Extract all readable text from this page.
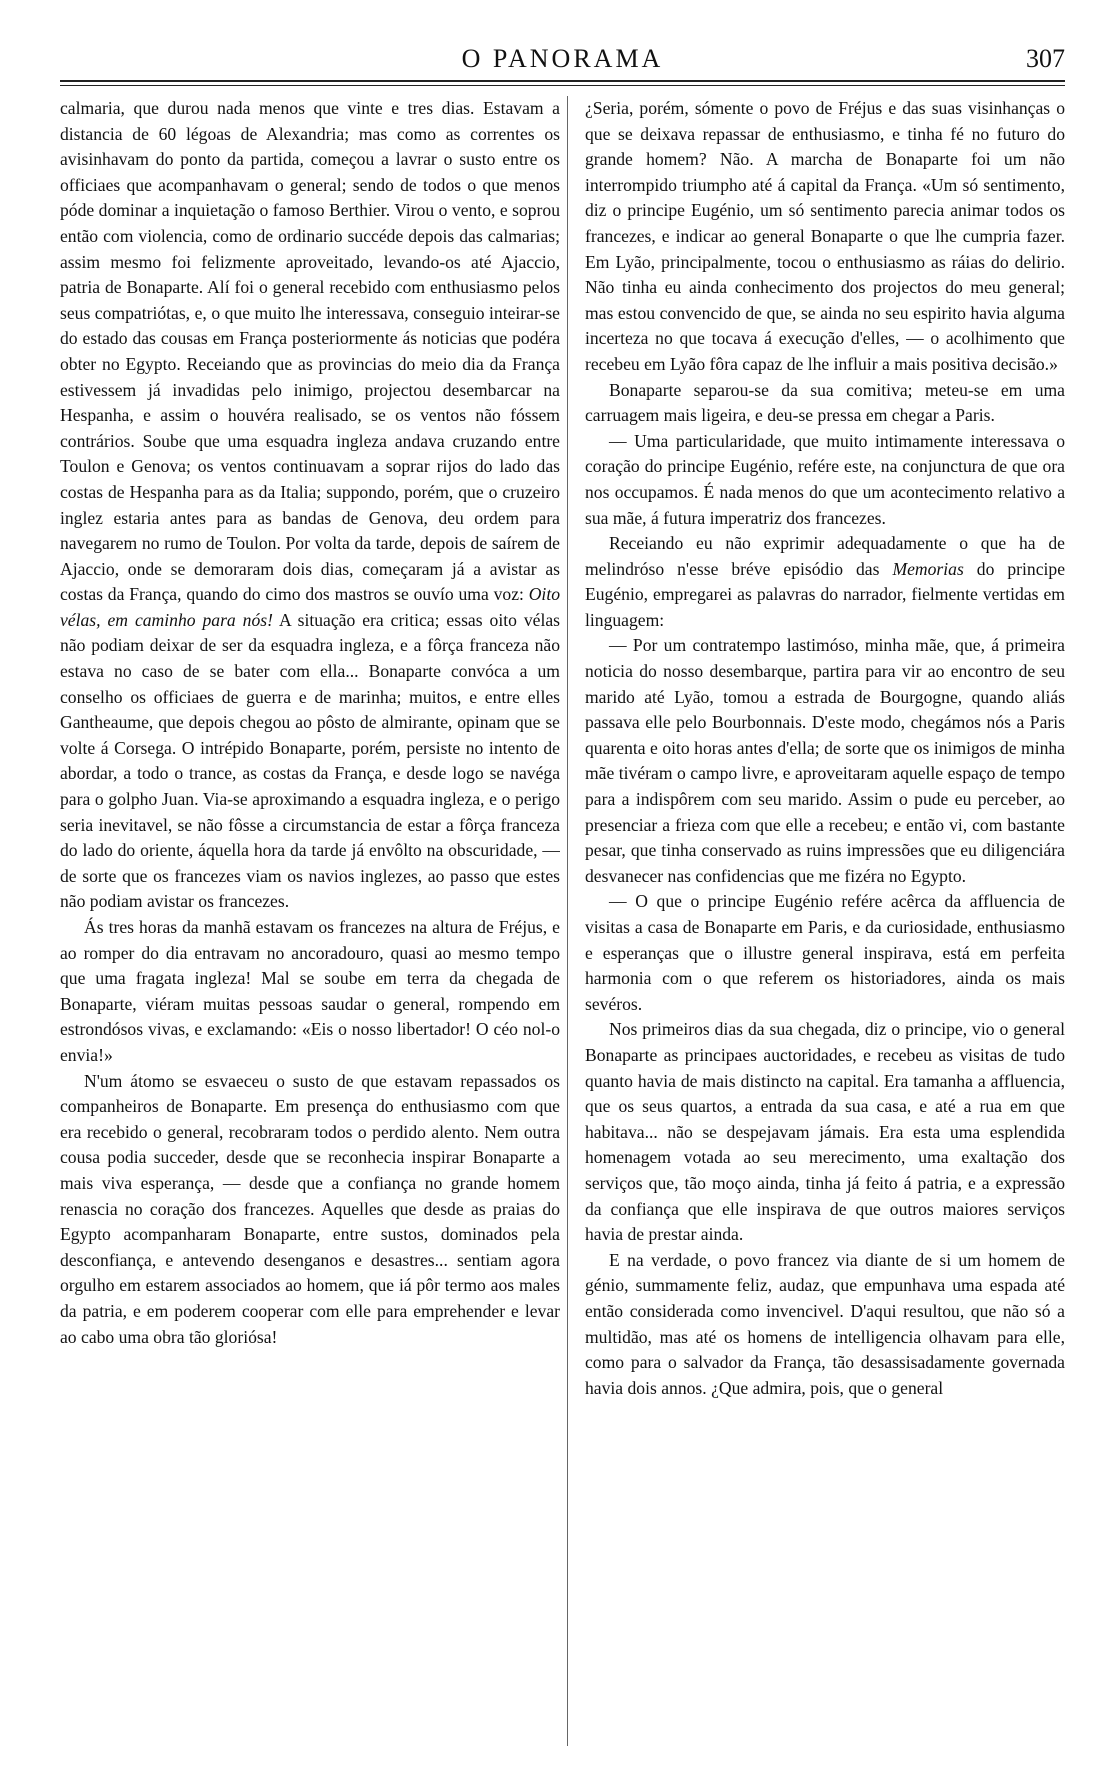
O PANORAMA	307

calmaria, que durou nada menos que vinte e tres dias. Estavam a distancia de 60 légoas de Alexandria; mas como as correntes os avisinhavam do ponto da partida, começou a lavrar o susto entre os officiaes que acompanhavam o general; sendo de todos o que menos póde dominar a inquietação o famoso Berthier. Virou o vento, e soprou então com violencia, como de ordinario succéde depois das calmarias; assim mesmo foi felizmente aproveitado, levando-os até Ajaccio, patria de Bonaparte. Alí foi o general recebido com enthusiasmo pelos seus compatriótas, e, o que muito lhe interessava, conseguio inteirar-se do estado das cousas em França posteriormente ás noticias que podéra obter no Egypto. Receiando que as provincias do meio dia da França estivessem já invadidas pelo inimigo, projectou desembarcar na Hespanha, e assim o houvéra realisado, se os ventos não fóssem contrários. Soube que uma esquadra ingleza andava cruzando entre Toulon e Genova; os ventos continuavam a soprar rijos do lado das costas de Hespanha para as da Italia; suppondo, porém, que o cruzeiro inglez estaria antes para as bandas de Genova, deu ordem para navegarem no rumo de Toulon. Por volta da tarde, depois de saírem de Ajaccio, onde se demoraram dois dias, começaram já a avistar as costas da França, quando do cimo dos mastros se ouvío uma voz: Oito vélas, em caminho para nós! A situação era critica; essas oito vélas não podiam deixar de ser da esquadra ingleza, e a fôrça franceza não estava no caso de se bater com ella... Bonaparte convóca a um conselho os officiaes de guerra e de marinha; muitos, e entre elles Gantheaume, que depois chegou ao pôsto de almirante, opinam que se volte á Corsega. O intrépido Bonaparte, porém, persiste no intento de abordar, a todo o trance, as costas da França, e desde logo se navéga para o golpho Juan. Via-se aproximando a esquadra ingleza, e o perigo seria inevitavel, se não fôsse a circumstancia de estar a fôrça franceza do lado do oriente, áquella hora da tarde já envôlto na obscuridade, — de sorte que os francezes viam os navios inglezes, ao passo que estes não podiam avistar os francezes.

Ás tres horas da manhã estavam os francezes na altura de Fréjus, e ao romper do dia entravam no ancoradouro, quasi ao mesmo tempo que uma fragata ingleza! Mal se soube em terra da chegada de Bonaparte, viéram muitas pessoas saudar o general, rompendo em estrondósos vivas, e exclamando: «Eis o nosso libertador! O céo nol-o envia!»

N'um átomo se esvaeceu o susto de que estavam repassados os companheiros de Bonaparte. Em presença do enthusiasmo com que era recebido o general, recobraram todos o perdido alento. Nem outra cousa podia succeder, desde que se reconhecia inspirar Bonaparte a mais viva esperança, — desde que a confiança no grande homem renascia no coração dos francezes. Aquelles que desde as praias do Egypto acompanharam Bonaparte, entre sustos, dominados pela desconfiança, e antevendo desenganos e desastres... sentiam agora orgulho em estarem associados ao homem, que iá pôr termo aos males da patria, e em poderem cooperar com elle para emprehender e levar ao cabo uma obra tão gloriósa!

¿Seria, porém, sómente o povo de Fréjus e das suas visinhanças o que se deixava repassar de enthusiasmo, e tinha fé no futuro do grande homem? Não. A marcha de Bonaparte foi um não interrompido triumpho até á capital da França. «Um só sentimento, diz o principe Eugénio, um só sentimento parecia animar todos os francezes, e indicar ao general Bonaparte o que lhe cumpria fazer. Em Lyão, principalmente, tocou o enthusiasmo as ráias do delirio. Não tinha eu ainda conhecimento dos projectos do meu general; mas estou convencido de que, se ainda no seu espirito havia alguma incerteza no que tocava á execução d'elles, — o acolhimento que recebeu em Lyão fôra capaz de lhe influir a mais positiva decisão.»

Bonaparte separou-se da sua comitiva; meteu-se em uma carruagem mais ligeira, e deu-se pressa em chegar a Paris.

— Uma particularidade, que muito intimamente interessava o coração do principe Eugénio, refére este, na conjunctura de que ora nos occupamos. É nada menos do que um acontecimento relativo a sua mãe, á futura imperatriz dos francezes.

Receiando eu não exprimir adequadamente o que ha de melindróso n'esse bréve episódio das Memorias do principe Eugénio, empregarei as palavras do narrador, fielmente vertidas em linguagem:

— Por um contratempo lastimóso, minha mãe, que, á primeira noticia do nosso desembarque, partira para vir ao encontro de seu marido até Lyão, tomou a estrada de Bourgogne, quando aliás passava elle pelo Bourbonnais. D'este modo, chegámos nós a Paris quarenta e oito horas antes d'ella; de sorte que os inimigos de minha mãe tivéram o campo livre, e aproveitaram aquelle espaço de tempo para a indispôrem com seu marido. Assim o pude eu perceber, ao presenciar a frieza com que elle a recebeu; e então vi, com bastante pesar, que tinha conservado as ruins impressões que eu diligenciára desvanecer nas confidencias que me fizéra no Egypto.

— O que o principe Eugénio refére acêrca da affluencia de visitas a casa de Bonaparte em Paris, e da curiosidade, enthusiasmo e esperanças que o illustre general inspirava, está em perfeita harmonia com o que referem os historiadores, ainda os mais sevéros.

Nos primeiros dias da sua chegada, diz o principe, vio o general Bonaparte as principaes auctoridades, e recebeu as visitas de tudo quanto havia de mais distincto na capital. Era tamanha a affluencia, que os seus quartos, a entrada da sua casa, e até a rua em que habitava... não se despejavam jámais. Era esta uma esplendida homenagem votada ao seu merecimento, uma exaltação dos serviços que, tão moço ainda, tinha já feito á patria, e a expressão da confiança que elle inspirava de que outros maiores serviços havia de prestar ainda.

E na verdade, o povo francez via diante de si um homem de génio, summamente feliz, audaz, que empunhava uma espada até então considerada como invencivel. D'aqui resultou, que não só a multidão, mas até os homens de intelligencia olhavam para elle, como para o salvador da França, tão desassisadamente governada havia dois annos. ¿Que admira, pois, que o general
